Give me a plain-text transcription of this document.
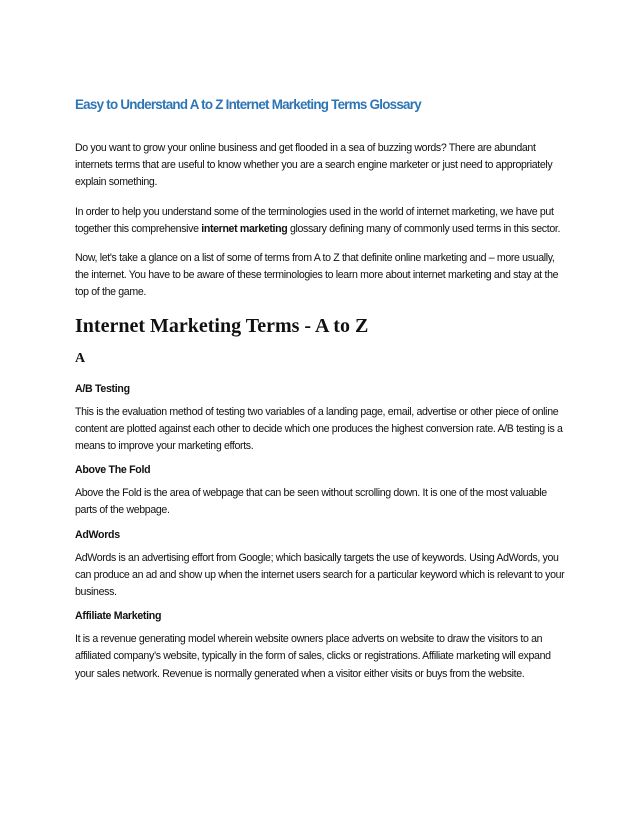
Easy to Understand A to Z Internet Marketing Terms Glossary

Do you want to grow your online business and get flooded in a sea of buzzing words? There are abundant internets terms that are useful to know whether you are a search engine marketer or just need to appropriately explain something.

In order to help you understand some of the terminologies used in the world of internet marketing, we have put together this comprehensive internet marketing glossary defining many of commonly used terms in this sector.

Now, let's take a glance on a list of some of terms from A to Z that definite online marketing and – more usually, the internet. You have to be aware of these terminologies to learn more about internet marketing and stay at the top of the game.

Internet Marketing Terms - A to Z
A
A/B Testing

This is the evaluation method of testing two variables of a landing page, email, advertise or other piece of online content are plotted against each other to decide which one produces the highest conversion rate. A/B testing is a means to improve your marketing efforts.

Above The Fold

Above the Fold is the area of webpage that can be seen without scrolling down. It is one of the most valuable parts of the webpage.

AdWords

AdWords is an advertising effort from Google; which basically targets the use of keywords. Using AdWords, you can produce an ad and show up when the internet users search for a particular keyword which is relevant to your business.

Affiliate Marketing

It is a revenue generating model wherein website owners place adverts on website to draw the visitors to an affiliated company’s website, typically in the form of sales, clicks or registrations. Affiliate marketing will expand your sales network. Revenue is normally generated when a visitor either visits or buys from the website.
